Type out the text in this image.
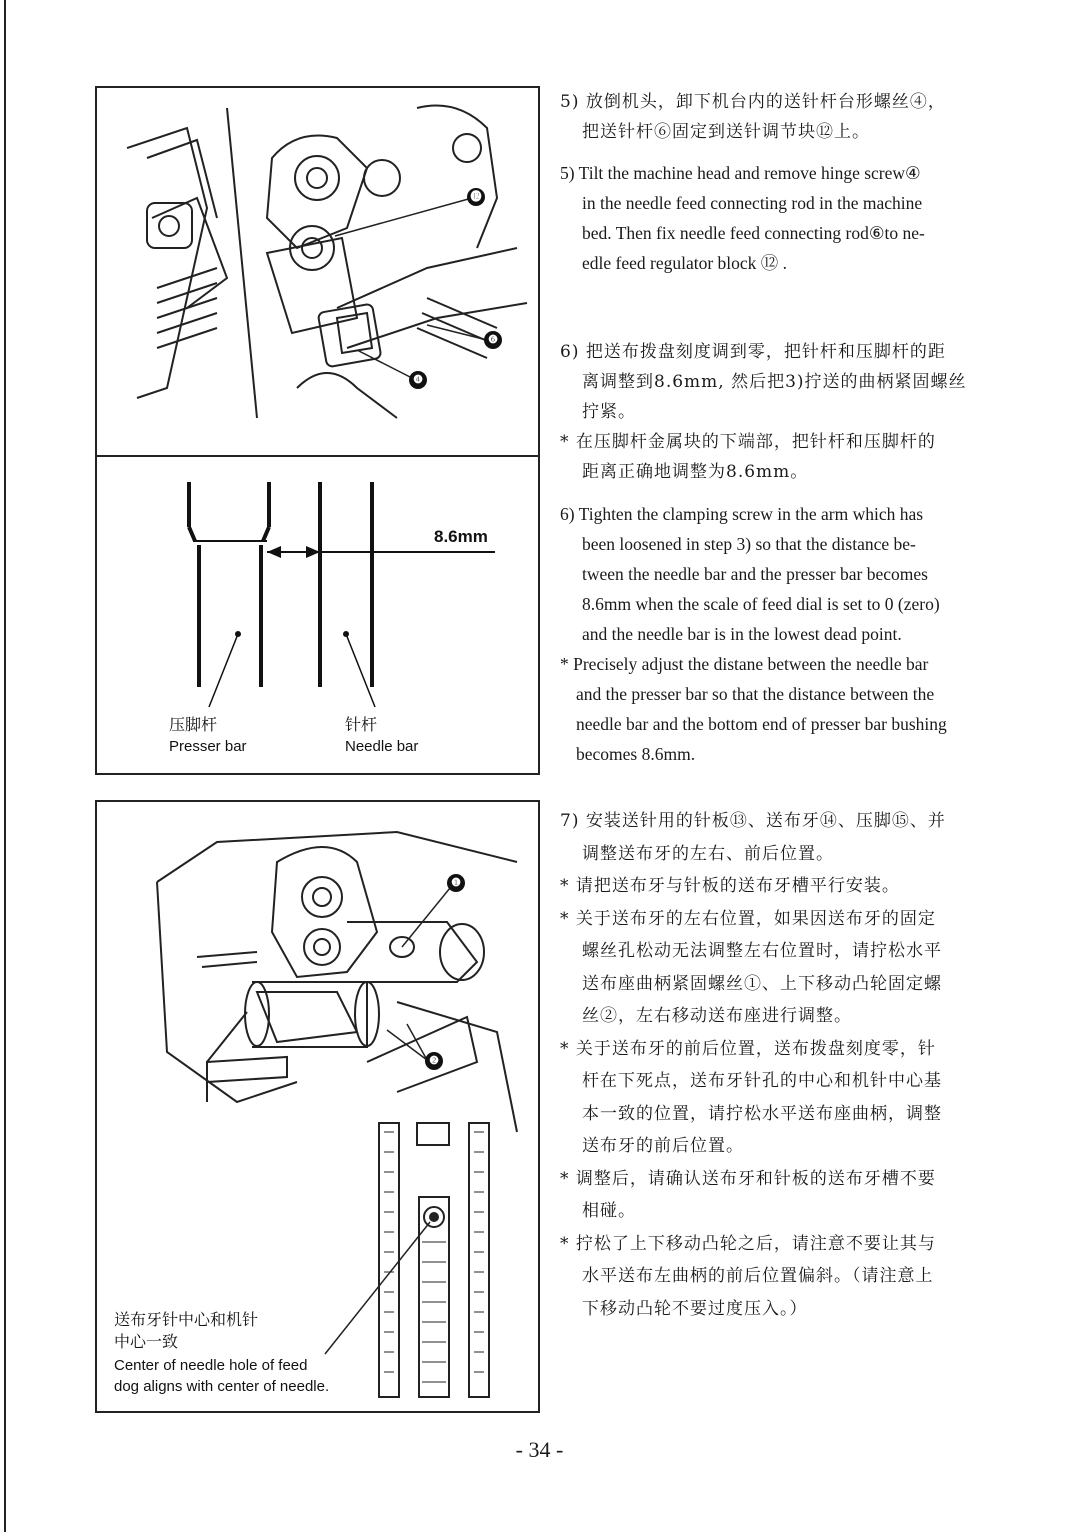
⓬
❻
❹

8.6mm

压脚杆

Presser bar

针杆

Needle bar

❶
❷

送布牙针中心和机针

中心一致

Center of needle hole of feed

dog aligns with center of needle.

5) 放倒机头，卸下机台内的送针杆台形螺丝④，
把送针杆⑥固定到送针调节块⑫上。

5) Tilt the machine head and remove hinge screw④
in the needle feed connecting rod in the machine
bed. Then fix needle feed connecting rod⑥to ne-
edle feed regulator block ⑫ .

6) 把送布拨盘刻度调到零，把针杆和压脚杆的距
离调整到8.6mm, 然后把3)拧送的曲柄紧固螺丝
拧紧。
* 在压脚杆金属块的下端部，把针杆和压脚杆的
距离正确地调整为8.6mm。

6) Tighten the clamping screw in the arm which has
been loosened in step 3) so that the distance be-
tween the needle bar and the presser bar becomes
8.6mm when the scale of feed dial is set to 0 (zero)
and the needle bar is in the lowest dead point.
* Precisely adjust the distane between the needle bar
and the presser bar so that the distance between the
needle bar and the bottom end of presser bar bushing
becomes 8.6mm.

7) 安装送针用的针板⑬、送布牙⑭、压脚⑮、并
调整送布牙的左右、前后位置。
* 请把送布牙与针板的送布牙槽平行安装。
* 关于送布牙的左右位置，如果因送布牙的固定
螺丝孔松动无法调整左右位置时，请拧松水平
送布座曲柄紧固螺丝①、上下移动凸轮固定螺
丝②，左右移动送布座进行调整。
* 关于送布牙的前后位置，送布拨盘刻度零，针
杆在下死点，送布牙针孔的中心和机针中心基
本一致的位置，请拧松水平送布座曲柄，调整
送布牙的前后位置。
* 调整后，请确认送布牙和针板的送布牙槽不要
相碰。
* 拧松了上下移动凸轮之后，请注意不要让其与
水平送布左曲柄的前后位置偏斜。（请注意上
下移动凸轮不要过度压入。）

- 34 -
